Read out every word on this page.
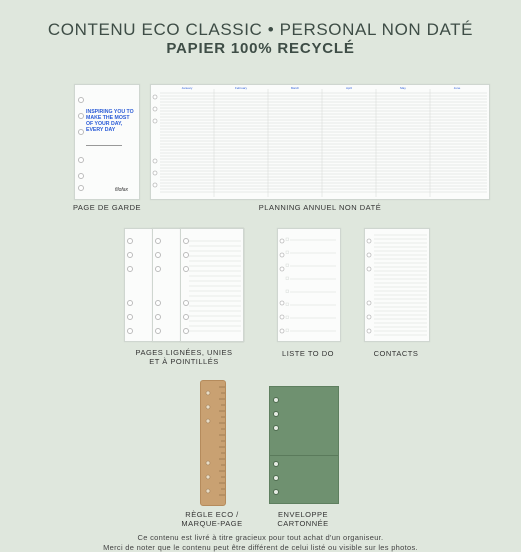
CONTENU ECO CLASSIC • PERSONAL NON DATÉ
PAPIER 100% RECYCLÉ
INSPIRING YOU TO MAKE THE MOST OF YOUR DAY, EVERY DAY
filofax
PAGE DE GARDE
January	February	March	April	May	June
PLANNING ANNUEL NON DATÉ
PAGES LIGNÉES, UNIES
ET À POINTILLÉS
LISTE TO DO	CONTACTS
RÈGLE ECO /
MARQUE-PAGE
ENVELOPPE
CARTONNÉE
Ce contenu est livré à titre gracieux pour tout achat d'un organiseur.
Merci de noter que le contenu peut être différent de celui listé ou visible sur les photos.
